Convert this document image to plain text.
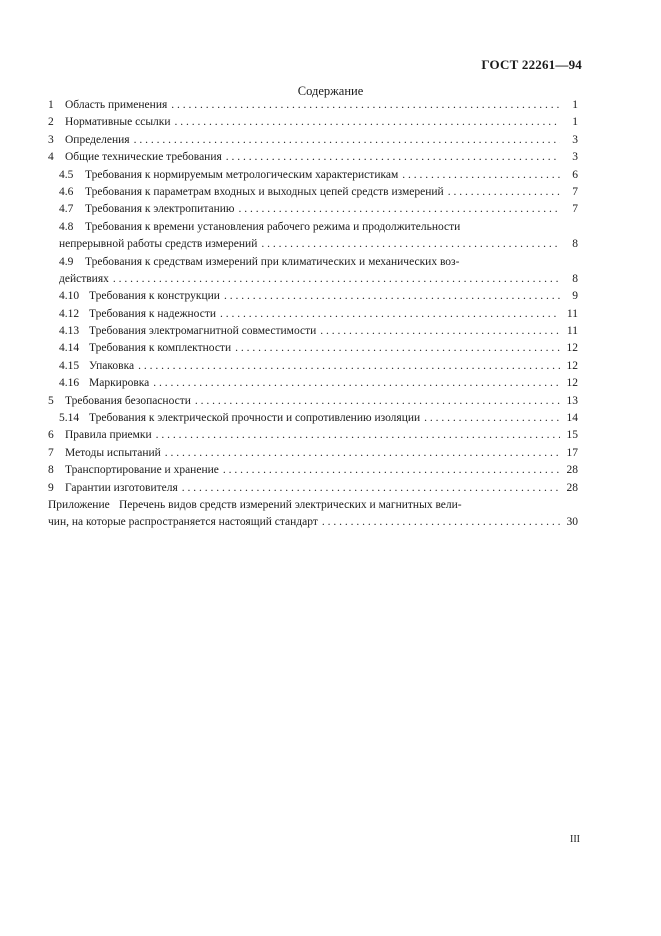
ГОСТ 22261—94
Содержание
1 Область применения . . .	1
2 Нормативные ссылки . . .	1
3 Определения . . .	3
4 Общие технические требования . . .	3
4.5	Требования к нормируемым метрологическим характеристикам . . .	6
4.6	Требования к параметрам входных и выходных цепей средств измерений . . .	7
4.7	Требования к электропитанию . . .	7
4.8	Требования к времени установления рабочего режима и продолжительности
непрерывной работы средств измерений . . .	8
4.9	Требования к средствам измерений при климатических и механических воз-
действиях . . .	8
4.10 Требования к конструкции . . .	9
4.12 Требования к надежности . . .	11
4.13 Требования электромагнитной совместимости . . .	11
4.14 Требования к комплектности . . .	12
4.15 Упаковка . . .	12
4.16 Маркировка . . .	12
5 Требования безопасности . . .	13
5.14 Требования к электрической прочности и сопротивлению изоляции . . .	14
6 Правила приемки . . .	15
7 Методы испытаний . . .	17
8 Транспортирование и хранение . . .	28
9 Гарантии изготовителя . . .	28
Приложение Перечень видов средств измерений электрических и магнитных вели-
чин, на которые распространяется настоящий стандарт . . .	30
III
